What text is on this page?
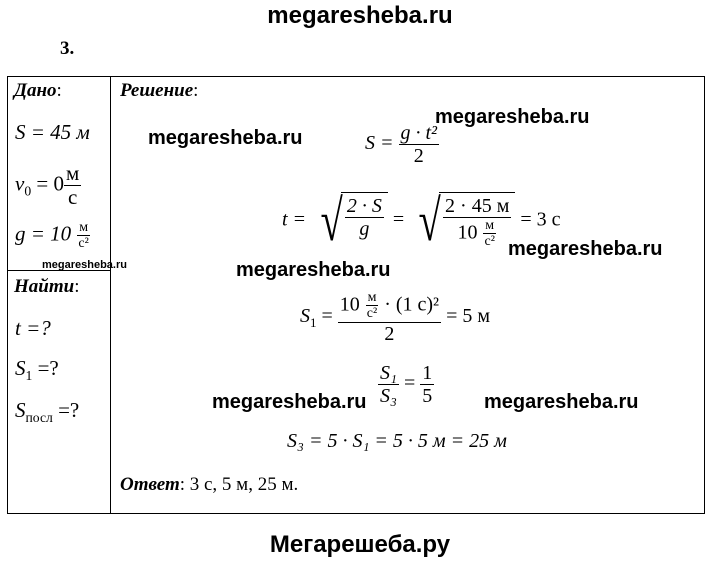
megaresheba.ru
3.
Дано:
S = 45 м
$v_0 = 0 \frac{м}{с}$
$g = 10 \frac{м}{\text{с²}}$
megaresheba.ru
Найти:
t =?
$S_1$ =?
$S_{посл}$ =?
Решение:
$S = \frac{\text{g · t²}}{2}$
t = √ $\frac{2 \cdot S}{g}$ = √ $\frac{2 \cdot 45 м}{10 \frac{м}{\text{с²}}} = 3$ с
$S_1 = \frac{10 \frac{м}{\text{с²}} \cdot (1 с)^2}{2} = 5$ м
$\frac{\text{S₁}}{\text{S₃}} = \frac{1}{5}$
S₃ = 5 · S₁ = 5 · 5 м = 25 м
Ответ: 3 с, 5 м, 25 м.
megaresheba.ru
megaresheba.ru
megaresheba.ru
megaresheba.ru
megaresheba.ru	megaresheba.ru
Мегарешеба.ру
